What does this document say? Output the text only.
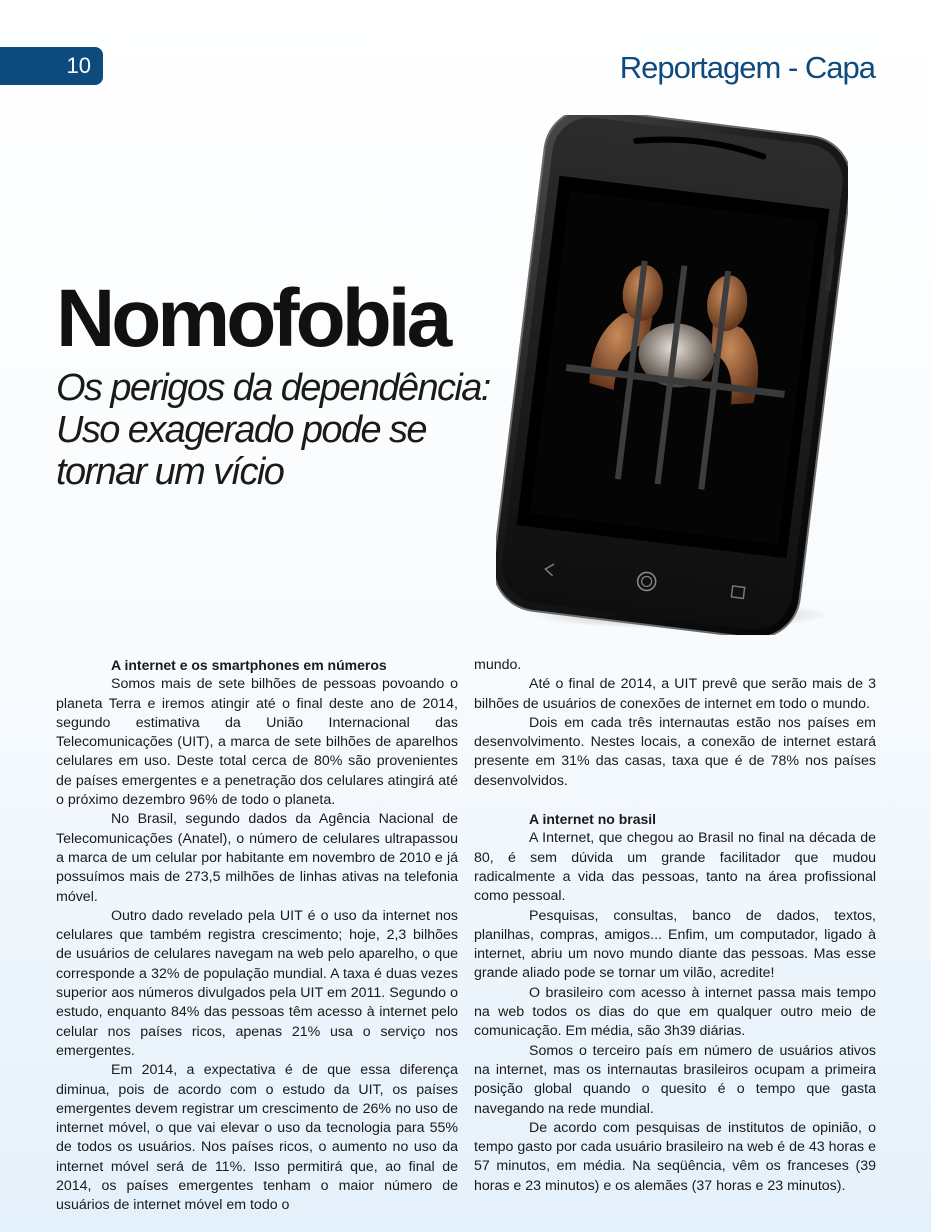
10	Reportagem - Capa
Nomofobia
Os perigos da dependência:
Uso exagerado pode se
tornar um vício
A internet e os smartphones em números

Somos mais de sete bilhões de pessoas povoando o planeta Terra e iremos atingir até o final deste ano de 2014, segundo estimativa da União Internacional das Telecomunicações (UIT), a marca de sete bilhões de aparelhos celulares em uso. Deste total cerca de 80% são provenientes de países emergentes e a penetração dos celulares atingirá até o próximo dezembro 96% de todo o planeta.

No Brasil, segundo dados da Agência Nacional de Telecomunicações (Anatel), o número de celulares ultrapassou a marca de um celular por habitante em novembro de 2010 e já possuímos mais de 273,5 milhões de linhas ativas na telefonia móvel.

Outro dado revelado pela UIT é o uso da internet nos celulares que também registra crescimento; hoje, 2,3 bilhões de usuários de celulares navegam na web pelo aparelho, o que corresponde a 32% de população mundial. A taxa é duas vezes superior aos números divulgados pela UIT em 2011. Segundo o estudo, enquanto 84% das pessoas têm acesso à internet pelo celular nos países ricos, apenas 21% usa o serviço nos emergentes.

Em 2014, a expectativa é de que essa diferença diminua, pois de acordo com o estudo da UIT, os países emergentes devem registrar um crescimento de 26% no uso de internet móvel, o que vai elevar o uso da tecnologia para 55% de todos os usuários. Nos países ricos, o aumento no uso da internet móvel será de 11%. Isso permitirá que, ao final de 2014, os países emergentes tenham o maior número de usuários de internet móvel em todo o

mundo.

Até o final de 2014, a UIT prevê que serão mais de 3 bilhões de usuários de conexões de internet em todo o mundo.

Dois em cada três internautas estão nos países em desenvolvimento. Nestes locais, a conexão de internet estará presente em 31% das casas, taxa que é de 78% nos países desenvolvidos.

A internet no brasil

A Internet, que chegou ao Brasil no final na década de 80, é sem dúvida um grande facilitador que mudou radicalmente a vida das pessoas, tanto na área profissional como pessoal.

Pesquisas, consultas, banco de dados, textos, planilhas, compras, amigos... Enfim, um computador, ligado à internet, abriu um novo mundo diante das pessoas. Mas esse grande aliado pode se tornar um vilão, acredite!

O brasileiro com acesso à internet passa mais tempo na web todos os dias do que em qualquer outro meio de comunicação. Em média, são 3h39 diárias.

Somos o terceiro país em número de usuários ativos na internet, mas os internautas brasileiros ocupam a primeira posição global quando o quesito é o tempo que gasta navegando na rede mundial.

De acordo com pesquisas de institutos de opinião, o tempo gasto por cada usuário brasileiro na web é de 43 horas e 57 minutos, em média. Na seqüência, vêm os franceses (39 horas e 23 minutos) e os alemães (37 horas e 23 minutos).
